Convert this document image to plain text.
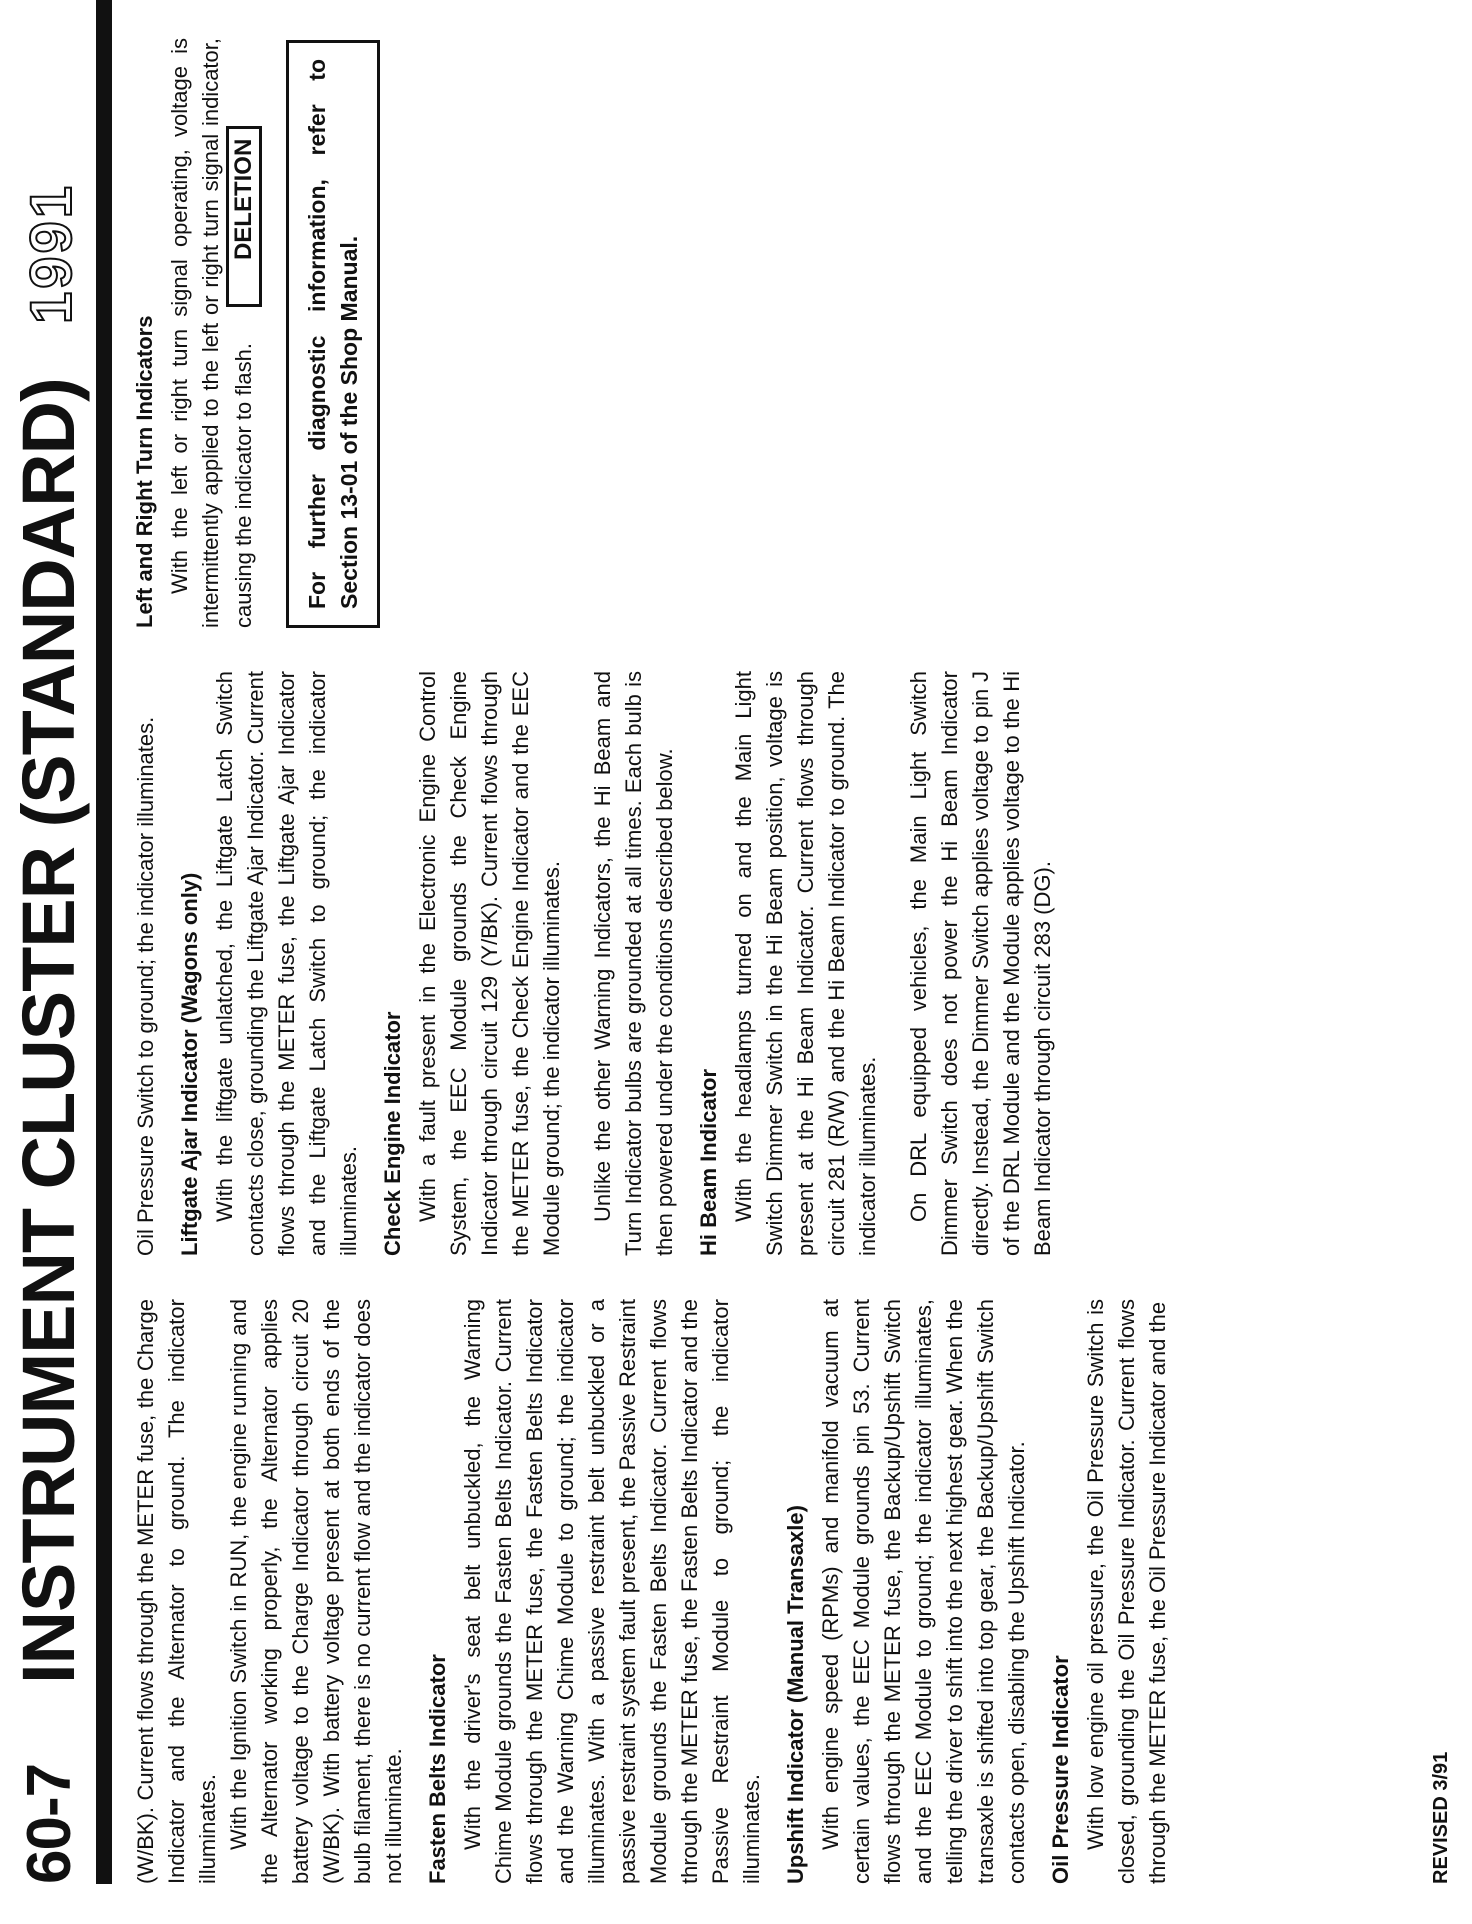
60-7
INSTRUMENT CLUSTER (STANDARD)
1991

(W/BK). Current flows through the METER fuse, the Charge Indicator and the Alternator to ground. The indicator illuminates. With the Ignition Switch in RUN, the engine running and the Alternator working properly, the Alternator applies battery voltage to the Charge Indicator through circuit 20 (W/BK). With battery voltage present at both ends of the bulb filament, there is no current flow and the indicator does not illuminate. Fasten Belts Indicator With the driver's seat belt unbuckled, the Warning Chime Module grounds the Fasten Belts Indicator. Current flows through the METER fuse, the Fasten Belts Indicator and the Warning Chime Module to ground; the indicator illuminates. With a passive restraint belt unbuckled or a passive restraint system fault present, the Passive Restraint Module grounds the Fasten Belts Indicator. Current flows through the METER fuse, the Fasten Belts Indicator and the Passive Restraint Module to ground; the indicator illuminates. Upshift Indicator (Manual Transaxle) With engine speed (RPMs) and manifold vacuum at certain values, the EEC Module grounds pin 53. Current flows through the METER fuse, the Backup/Upshift Switch and the EEC Module to ground; the indicator illuminates, telling the driver to shift into the next highest gear. When the transaxle is shifted into top gear, the Backup/Upshift Switch contacts open, disabling the Upshift Indicator. Oil Pressure Indicator With low engine oil pressure, the Oil Pressure Switch is closed, grounding the Oil Pressure Indicator. Current flows through the METER fuse, the Oil Pressure Indicator and the

Oil Pressure Switch to ground; the indicator illuminates. Liftgate Ajar Indicator (Wagons only) With the liftgate unlatched, the Liftgate Latch Switch contacts close, grounding the Liftgate Ajar Indicator. Current flows through the METER fuse, the Liftgate Ajar Indicator and the Liftgate Latch Switch to ground; the indicator illuminates. Check Engine Indicator With a fault present in the Electronic Engine Control System, the EEC Module grounds the Check Engine Indicator through circuit 129 (Y/BK). Current flows through the METER fuse, the Check Engine Indicator and the EEC Module ground; the indicator illuminates. Unlike the other Warning Indicators, the Hi Beam and Turn Indicator bulbs are grounded at all times. Each bulb is then powered under the conditions described below. Hi Beam Indicator With the headlamps turned on and the Main Light Switch Dimmer Switch in the Hi Beam position, voltage is present at the Hi Beam Indicator. Current flows through circuit 281 (R/W) and the Hi Beam Indicator to ground. The indicator illuminates. On DRL equipped vehicles, the Main Light Switch Dimmer Switch does not power the Hi Beam Indicator directly. Instead, the Dimmer Switch applies voltage to pin J of the DRL Module and the Module applies voltage to the Hi Beam Indicator through circuit 283 (DG).

Left and Right Turn Indicators With the left or right turn signal operating, voltage is intermittently applied to the left or right turn signal indicator, causing the indicator to flash.DELETION	For further diagnostic information, refer to Section 13-01 of the Shop Manual.
REVISED 3/91
